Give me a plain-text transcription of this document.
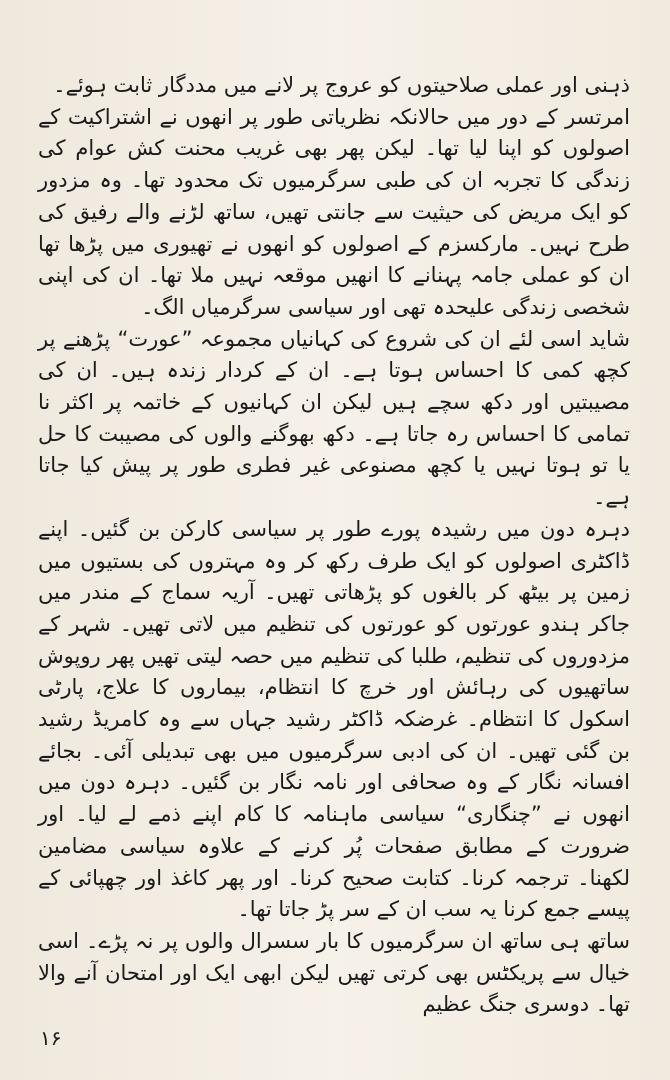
ذہنی اور عملی صلاحیتوں کو عروج پر لانے میں مددگار ثابت ہوئے۔

امرتسر کے دور میں حالانکہ نظریاتی طور پر انھوں نے اشتراکیت کے اصولوں کو اپنا لیا تھا۔ لیکن پھر بھی غریب محنت کش عوام کی زندگی کا تجربہ ان کی طبی سرگرمیوں تک محدود تھا۔ وہ مزدور کو ایک مریض کی حیثیت سے جانتی تھیں، ساتھ لڑنے والے رفیق کی طرح نہیں۔ مارکسزم کے اصولوں کو انھوں نے تھیوری میں پڑھا تھا ان کو عملی جامہ پہنانے کا انھیں موقعہ نہیں ملا تھا۔ ان کی اپنی شخصی زندگی علیحدہ تھی اور سیاسی سرگرمیاں الگ۔

شاید اسی لئے ان کی شروع کی کہانیاں مجموعہ ”عورت“ پڑھنے پر کچھ کمی کا احساس ہوتا ہے۔ ان کے کردار زندہ ہیں۔ ان کی مصیبتیں اور دکھ سچے ہیں لیکن ان کہانیوں کے خاتمہ پر اکثر نا تمامی کا احساس رہ جاتا ہے۔ دکھ بھوگنے والوں کی مصیبت کا حل یا تو ہوتا نہیں یا کچھ مصنوعی غیر فطری طور پر پیش کیا جاتا ہے۔

دہرہ دون میں رشیدہ پورے طور پر سیاسی کارکن بن گئیں۔ اپنے ڈاکٹری اصولوں کو ایک طرف رکھ کر وہ مہتروں کی بستیوں میں زمین پر بیٹھ کر بالغوں کو پڑھاتی تھیں۔ آریہ سماج کے مندر میں جاکر ہندو عورتوں کو عورتوں کی تنظیم میں لاتی تھیں۔ شہر کے مزدوروں کی تنظیم، طلبا کی تنظیم میں حصہ لیتی تھیں پھر روپوش ساتھیوں کی رہائش اور خرچ کا انتظام، بیماروں کا علاج، پارٹی اسکول کا انتظام۔ غرضکہ ڈاکٹر رشید جہاں سے وہ کامریڈ رشید بن گئی تھیں۔ ان کی ادبی سرگرمیوں میں بھی تبدیلی آئی۔ بجائے افسانہ نگار کے وہ صحافی اور نامہ نگار بن گئیں۔ دہرہ دون میں انھوں نے ”چنگاری“ سیاسی ماہنامہ کا کام اپنے ذمے لے لیا۔ اور ضرورت کے مطابق صفحات پُر کرنے کے علاوہ سیاسی مضامین لکھنا۔ ترجمہ کرنا۔ کتابت صحیح کرنا۔ اور پھر کاغذ اور چھپائی کے پیسے جمع کرنا یہ سب ان کے سر پڑ جاتا تھا۔

ساتھ ہی ساتھ ان سرگرمیوں کا بار سسرال والوں پر نہ پڑے۔ اسی خیال سے پریکٹس بھی کرتی تھیں لیکن ابھی ایک اور امتحان آنے والا تھا۔ دوسری جنگ عظیم

۱۶
